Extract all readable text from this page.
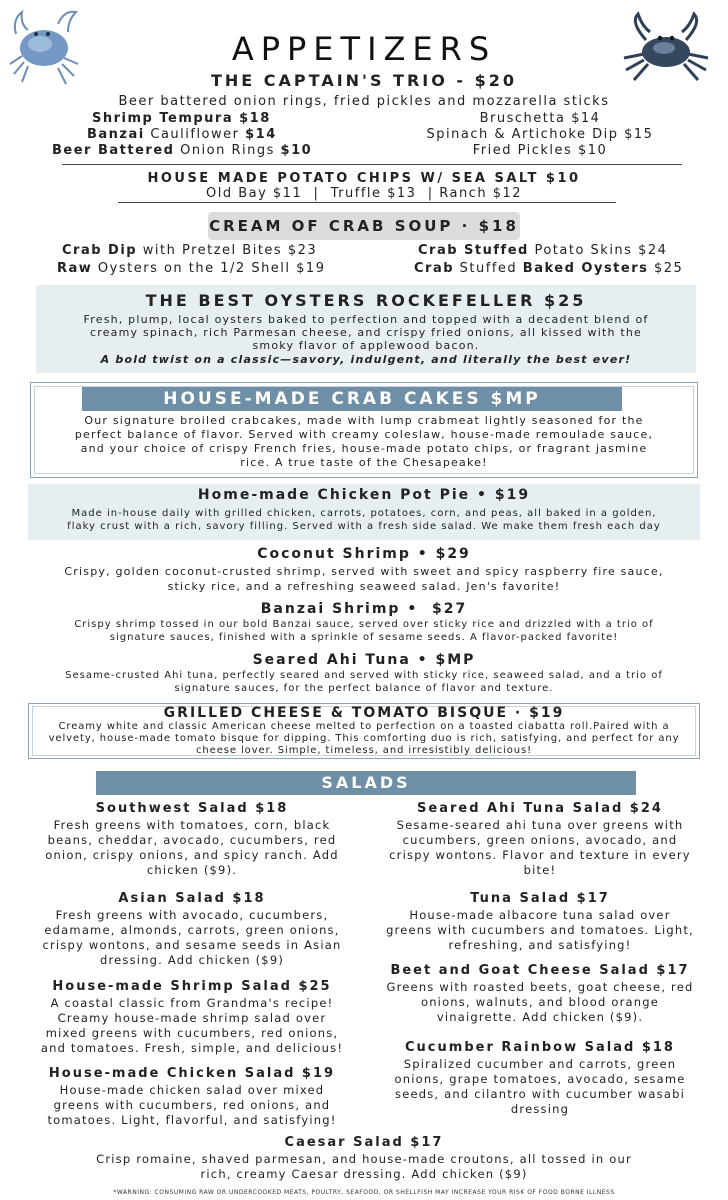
APPETIZERS
THE CAPTAIN'S TRIO - $20
Beer battered onion rings, fried pickles and mozzarella sticks
Shrimp Tempura $18
Banzai Cauliflower $14
Beer Battered Onion Rings $10
Bruschetta $14
Spinach & Artichoke Dip $15
Fried Pickles $10
HOUSE MADE POTATO CHIPS W/ SEA SALT $10
Old Bay $11  |  Truffle $13  | Ranch $12
CREAM OF CRAB SOUP · $18
Crab Dip with Pretzel Bites $23
Raw Oysters on the 1/2 Shell $19
Crab Stuffed Potato Skins $24
Crab Stuffed Baked Oysters $25
THE BEST OYSTERS ROCKEFELLER $25
Fresh, plump, local oysters baked to perfection and topped with a decadent blend of
creamy spinach, rich Parmesan cheese, and crispy fried onions, all kissed with the
smoky flavor of applewood bacon.
A bold twist on a classic—savory, indulgent, and literally the best ever!
HOUSE-MADE CRAB CAKES $MP
Our signature broiled crabcakes, made with lump crabmeat lightly seasoned for the
perfect balance of flavor. Served with creamy coleslaw, house-made remoulade sauce,
and your choice of crispy French fries, house-made potato chips, or fragrant jasmine
rice. A true taste of the Chesapeake!
Home-made Chicken Pot Pie • $19
Made in-house daily with grilled chicken, carrots, potatoes, corn, and peas, all baked in a golden,
flaky crust with a rich, savory filling. Served with a fresh side salad. We make them fresh each day
Coconut Shrimp • $29
Crispy, golden coconut-crusted shrimp, served with sweet and spicy raspberry fire sauce,
sticky rice, and a refreshing seaweed salad. Jen's favorite!
Banzai Shrimp •  $27
Crispy shrimp tossed in our bold Banzai sauce, served over sticky rice and drizzled with a trio of
signature sauces, finished with a sprinkle of sesame seeds. A flavor-packed favorite!
Seared Ahi Tuna • $MP
Sesame-crusted Ahi tuna, perfectly seared and served with sticky rice, seaweed salad, and a trio of
signature sauces, for the perfect balance of flavor and texture.
GRILLED CHEESE & TOMATO BISQUE · $19
Creamy white and classic American cheese melted to perfection on a toasted ciabatta roll.Paired with a
velvety, house-made tomato bisque for dipping. This comforting duo is rich, satisfying, and perfect for any
cheese lover. Simple, timeless, and irresistibly delicious!
SALADS
Southwest Salad $18
Fresh greens with tomatoes, corn, black
beans, cheddar, avocado, cucumbers, red
onion, crispy onions, and spicy ranch. Add
chicken ($9).
Asian Salad $18
Fresh greens with avocado, cucumbers,
edamame, almonds, carrots, green onions,
crispy wontons, and sesame seeds in Asian
dressing. Add chicken ($9)
House-made Shrimp Salad $25
A coastal classic from Grandma's recipe!
Creamy house-made shrimp salad over
mixed greens with cucumbers, red onions,
and tomatoes. Fresh, simple, and delicious!
House-made Chicken Salad $19
House-made chicken salad over mixed
greens with cucumbers, red onions, and
tomatoes. Light, flavorful, and satisfying!
Seared Ahi Tuna Salad $24
Sesame-seared ahi tuna over greens with
cucumbers, green onions, avocado, and
crispy wontons. Flavor and texture in every
bite!
Tuna Salad $17
House-made albacore tuna salad over
greens with cucumbers and tomatoes. Light,
refreshing, and satisfying!
Beet and Goat Cheese Salad $17
Greens with roasted beets, goat cheese, red
onions, walnuts, and blood orange
vinaigrette. Add chicken ($9).
Cucumber Rainbow Salad $18
Spiralized cucumber and carrots, green
onions, grape tomatoes, avocado, sesame
seeds, and cilantro with cucumber wasabi
dressing
Caesar Salad $17
Crisp romaine, shaved parmesan, and house-made croutons, all tossed in our
rich, creamy Caesar dressing. Add chicken ($9)
*WARNING: CONSUMING RAW OR UNDERCOOKED MEATS, POULTRY, SEAFOOD, OR SHELLFISH MAY INCREASE YOUR RISK OF FOOD BORNE ILLNESS
